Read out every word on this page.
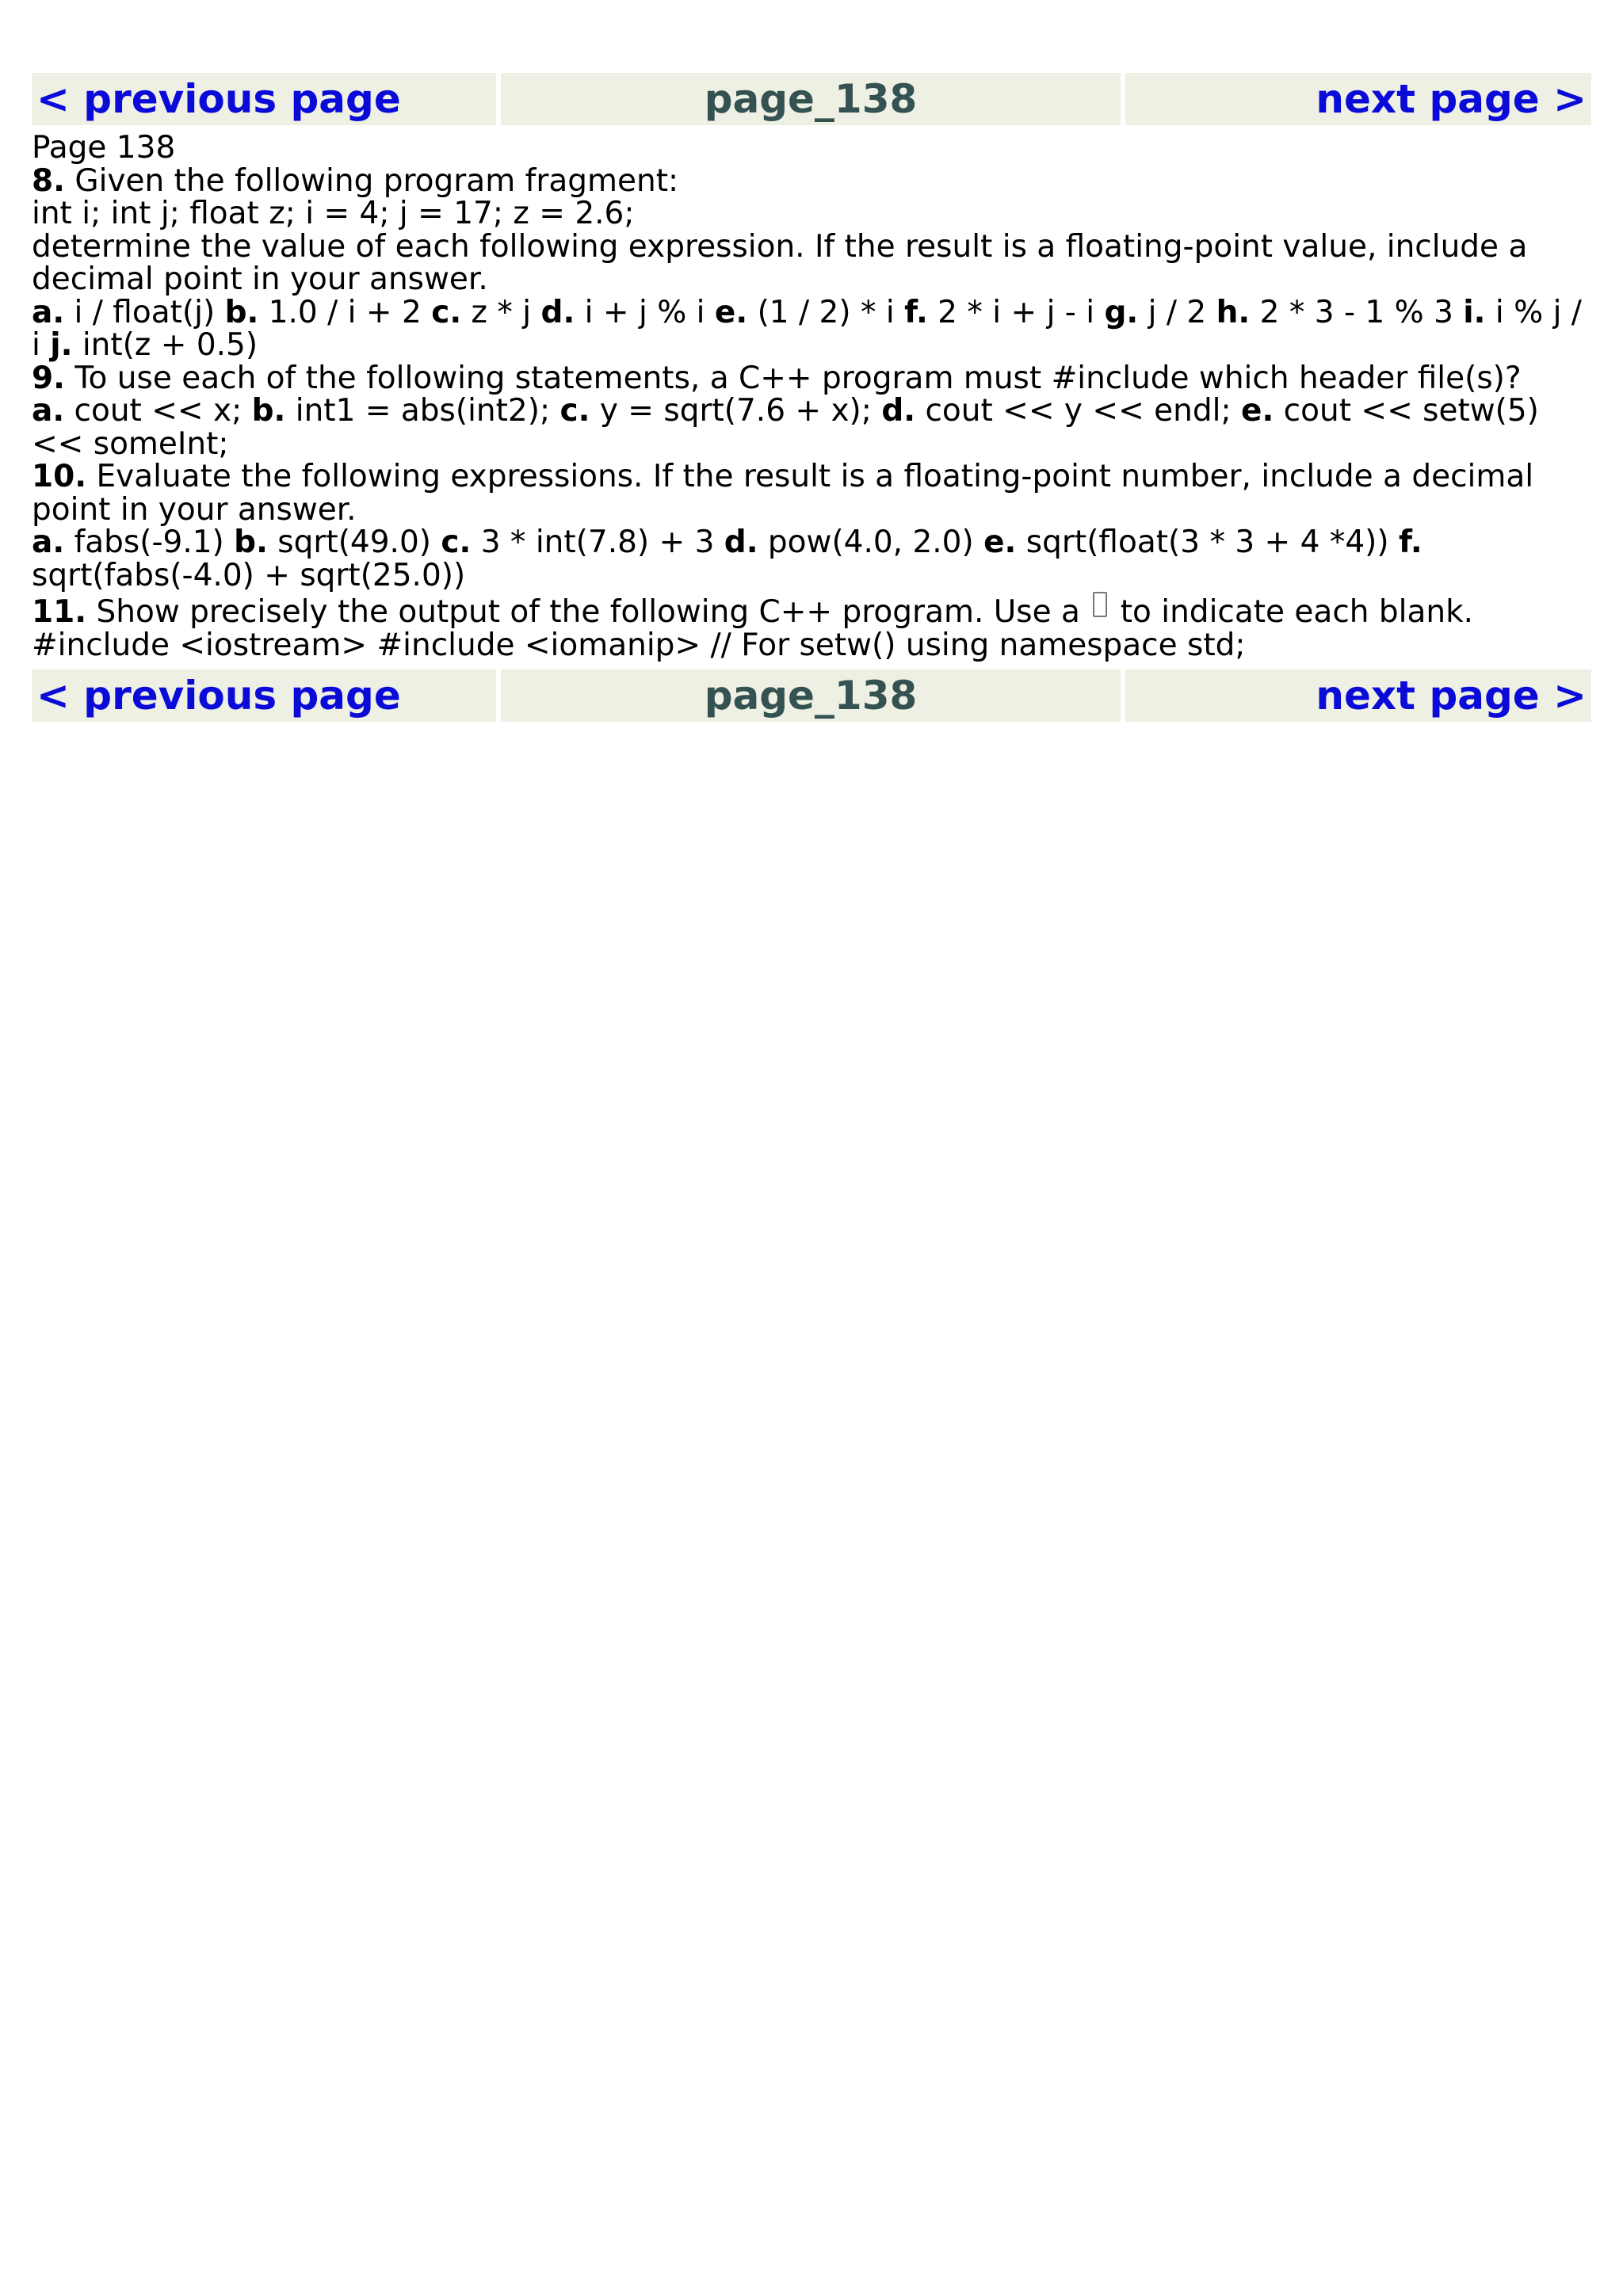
< previous page	page_138	next page >

Page 138

8. Given the following program fragment:

int i; int j; float z; i = 4; j = 17; z = 2.6;

determine the value of each following expression. If the result is a floating-point value, include a decimal point in your answer.

a. i / float(j) b. 1.0 / i + 2 c. z * j d. i + j % i e. (1 / 2) * i f. 2 * i + j - i g. j / 2 h. 2 * 3 - 1 % 3 i. i % j / i j. int(z + 0.5)

9. To use each of the following statements, a C++ program must #include which header file(s)?

a. cout << x; b. int1 = abs(int2); c. y = sqrt(7.6 + x); d. cout << y << endl; e. cout << setw(5) << someInt;

10. Evaluate the following expressions. If the result is a floating-point number, include a decimal point in your answer.

a. fabs(-9.1) b. sqrt(49.0) c. 3 * int(7.8) + 3 d. pow(4.0, 2.0) e. sqrt(float(3 * 3 + 4 *4)) f. sqrt(fabs(-4.0) + sqrt(25.0))

11. Show precisely the output of the following C++ program. Use a  to indicate each blank.

#include <iostream> #include <iomanip> // For setw() using namespace std;

< previous page	page_138	next page >
